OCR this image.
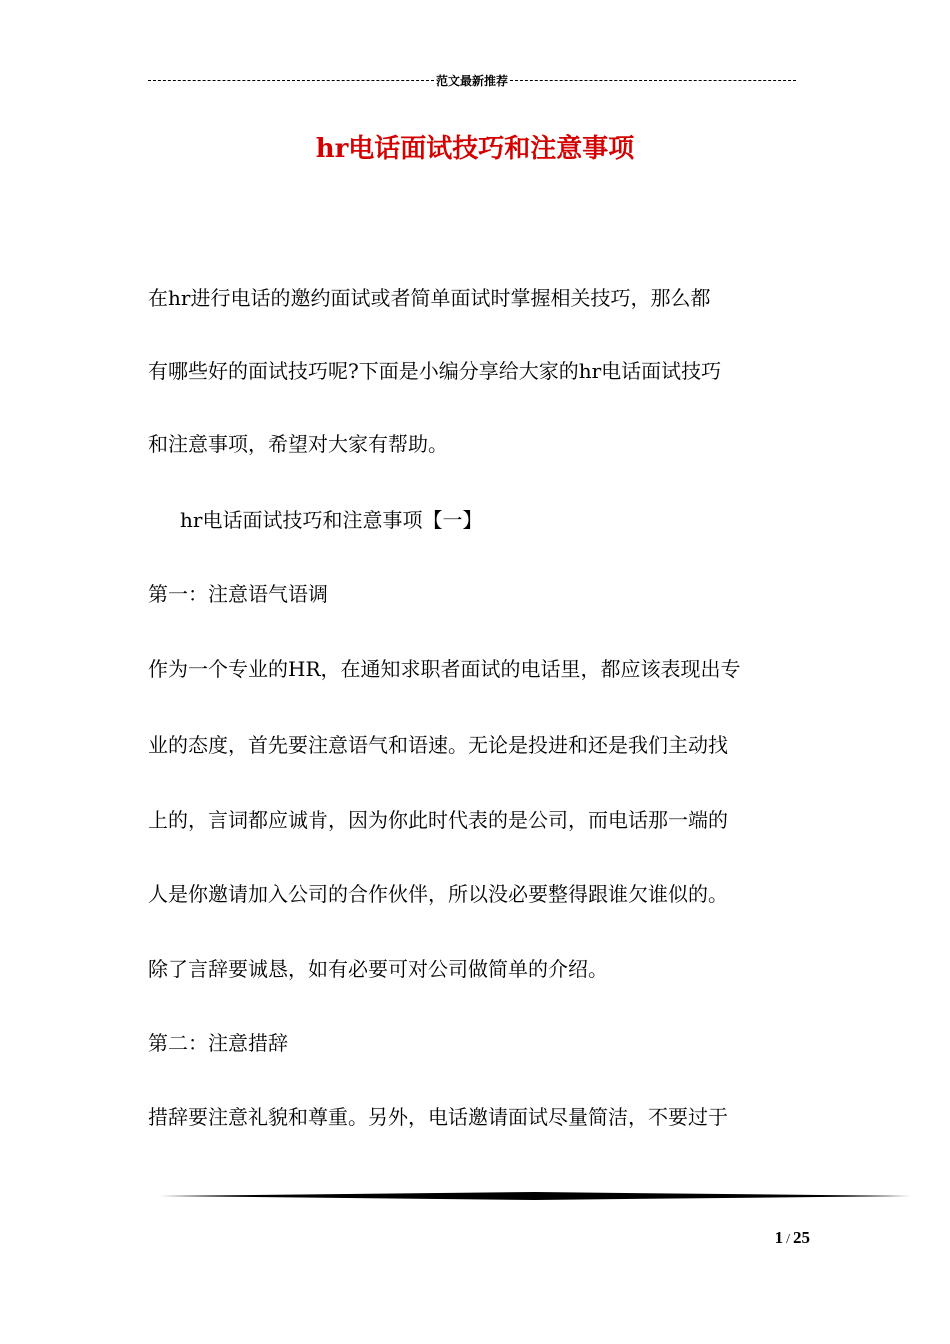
范文最新推荐
hr电话面试技巧和注意事项
在hr进行电话的邀约面试或者简单面试时掌握相关技巧，那么都
有哪些好的面试技巧呢?下面是小编分享给大家的hr电话面试技巧
和注意事项，希望对大家有帮助。
hr电话面试技巧和注意事项【一】
第一：注意语气语调
作为一个专业的HR，在通知求职者面试的电话里，都应该表现出专
业的态度，首先要注意语气和语速。无论是投进和还是我们主动找
上的，言词都应诚肯，因为你此时代表的是公司，而电话那一端的
人是你邀请加入公司的合作伙伴，所以没必要整得跟谁欠谁似的。
除了言辞要诚恳，如有必要可对公司做简单的介绍。
第二：注意措辞
措辞要注意礼貌和尊重。另外，电话邀请面试尽量简洁，不要过于
1 / 25
